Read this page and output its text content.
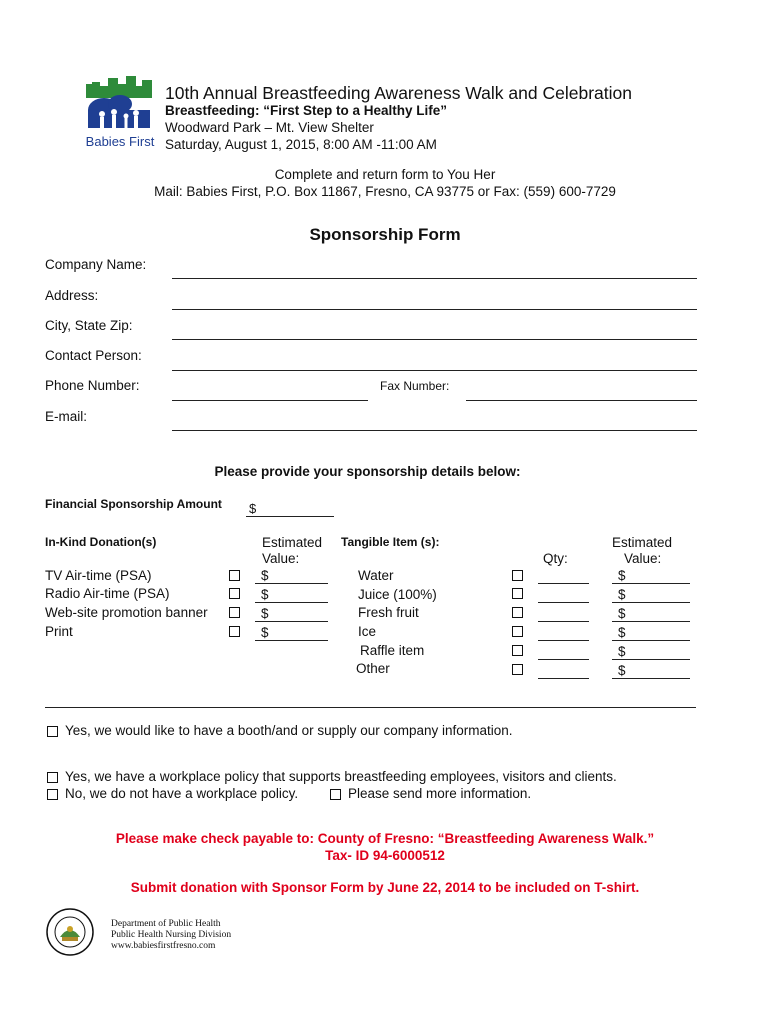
Babies First
10th Annual Breastfeeding Awareness Walk and Celebration
Breastfeeding: “First Step to a Healthy Life”
Woodward Park – Mt. View Shelter
Saturday, August 1, 2015, 8:00 AM -11:00 AM
Complete and return form to You Her
Mail: Babies First, P.O. Box 11867, Fresno, CA 93775 or Fax: (559) 600-7729
Sponsorship Form
Company Name:
Address:
City, State Zip:
Contact Person:
Phone Number:	Fax Number:
E-mail:
Please provide your sponsorship details below:
Financial Sponsorship Amount $
In-Kind Donation(s)	Estimated
Value:
Tangible Item (s):
Qty:
Estimated
Value:
TV Air-time (PSA)	$
Radio Air-time (PSA)	$
Web-site promotion banner	$
Print	$
Water	$
Juice (100%)	$
Fresh fruit	$
Ice	$
Raffle item	$
Other	$
Yes, we would like to have a booth/and or supply our company information.
Yes, we have a workplace policy that supports breastfeeding employees, visitors and clients.
No, we do not have a workplace policy.	Please send more information.
Please make check payable to: County of Fresno: “Breastfeeding Awareness Walk.”
Tax- ID 94-6000512
Submit donation with Sponsor Form by June 22, 2014 to be included on T-shirt.
Department of Public Health
Public Health Nursing Division
www.babiesfirstfresno.com
